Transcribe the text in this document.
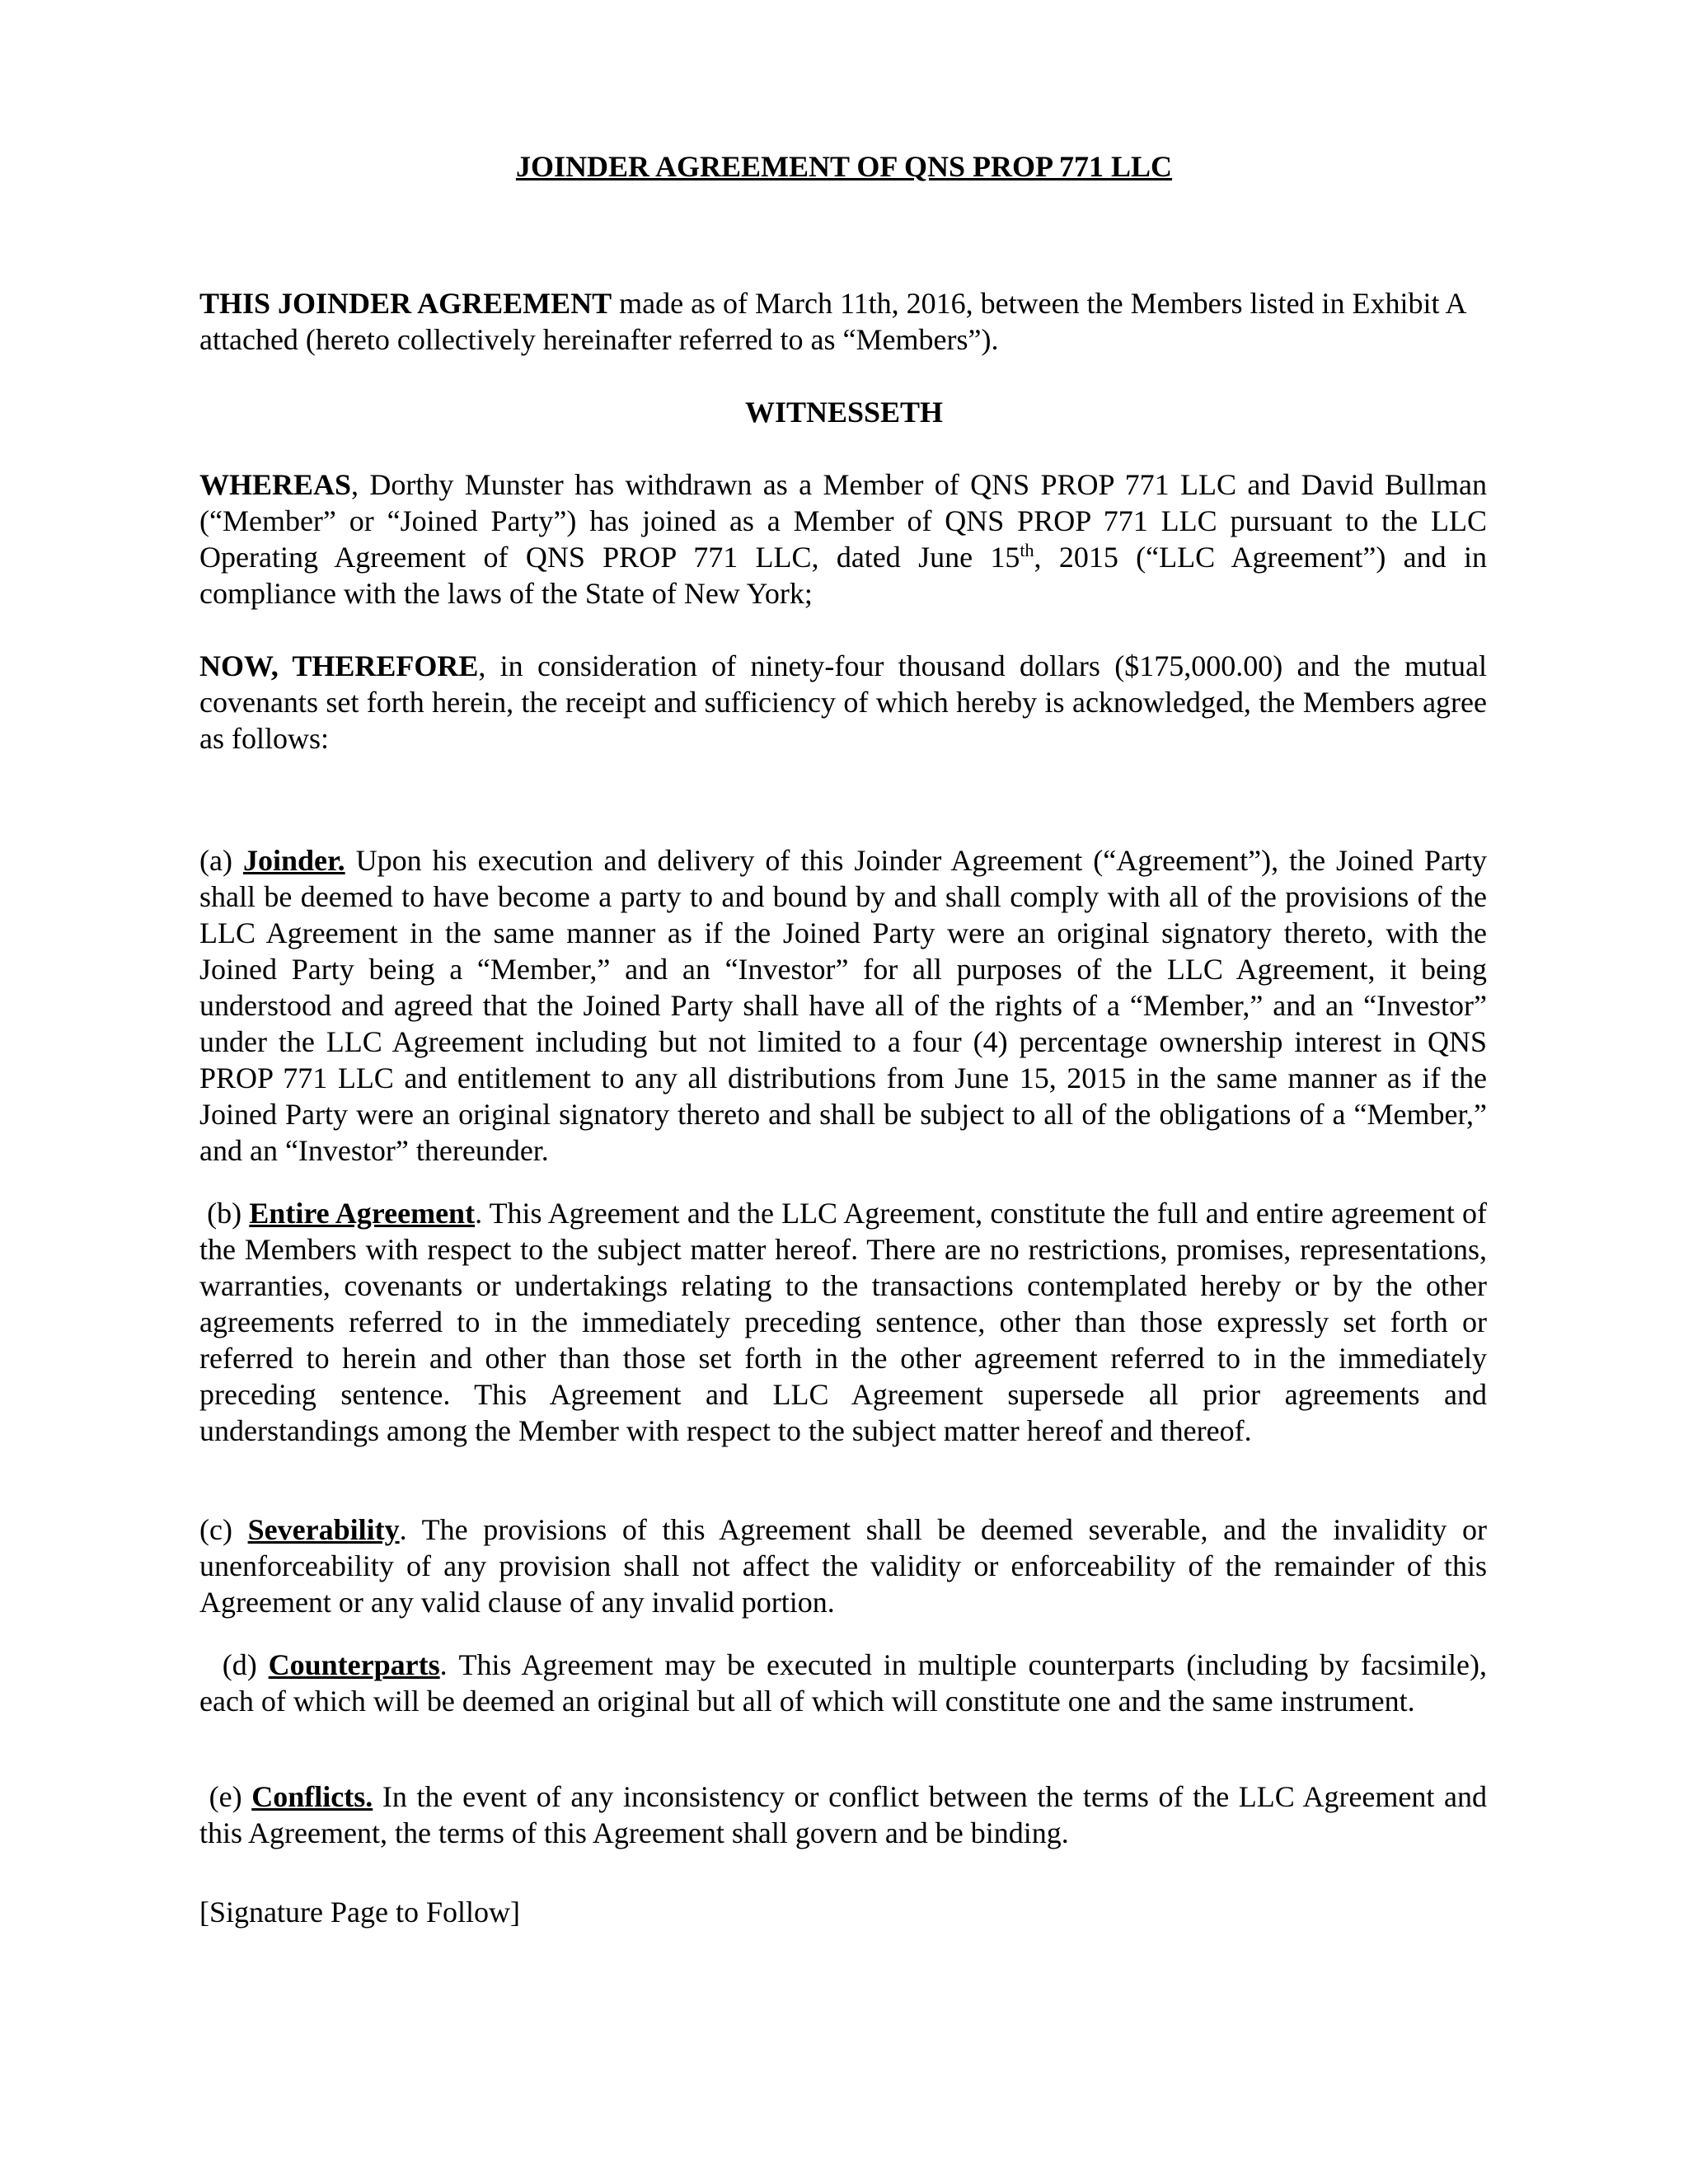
JOINDER AGREEMENT OF QNS PROP 771 LLC
THIS JOINDER AGREEMENT made as of March 11th, 2016, between the Members listed in Exhibit A attached (hereto collectively hereinafter referred to as “Members”).
WITNESSETH
WHEREAS, Dorthy Munster has withdrawn as a Member of QNS PROP 771 LLC and David Bullman (“Member” or “Joined Party”) has joined as a Member of QNS PROP 771 LLC pursuant to the LLC Operating Agreement of QNS PROP 771 LLC, dated June 15th, 2015 (“LLC Agreement”) and in compliance with the laws of the State of New York;
NOW, THEREFORE, in consideration of ninety-four thousand dollars ($175,000.00) and the mutual covenants set forth herein, the receipt and sufficiency of which hereby is acknowledged, the Members agree as follows:
(a) Joinder. Upon his execution and delivery of this Joinder Agreement (“Agreement”), the Joined Party shall be deemed to have become a party to and bound by and shall comply with all of the provisions of the LLC Agreement in the same manner as if the Joined Party were an original signatory thereto, with the Joined Party being a “Member,” and an “Investor” for all purposes of the LLC Agreement, it being understood and agreed that the Joined Party shall have all of the rights of a “Member,” and an “Investor” under the LLC Agreement including but not limited to a four (4) percentage ownership interest in QNS PROP 771 LLC and entitlement to any all distributions from June 15, 2015 in the same manner as if the Joined Party were an original signatory thereto and shall be subject to all of the obligations of a “Member,” and an “Investor” thereunder.
(b) Entire Agreement. This Agreement and the LLC Agreement, constitute the full and entire agreement of the Members with respect to the subject matter hereof. There are no restrictions, promises, representations, warranties, covenants or undertakings relating to the transactions contemplated hereby or by the other agreements referred to in the immediately preceding sentence, other than those expressly set forth or referred to herein and other than those set forth in the other agreement referred to in the immediately preceding sentence. This Agreement and LLC Agreement supersede all prior agreements and understandings among the Member with respect to the subject matter hereof and thereof.
(c) Severability. The provisions of this Agreement shall be deemed severable, and the invalidity or unenforceability of any provision shall not affect the validity or enforceability of the remainder of this Agreement or any valid clause of any invalid portion.
(d) Counterparts. This Agreement may be executed in multiple counterparts (including by facsimile), each of which will be deemed an original but all of which will constitute one and the same instrument.
(e) Conflicts. In the event of any inconsistency or conflict between the terms of the LLC Agreement and this Agreement, the terms of this Agreement shall govern and be binding.
[Signature Page to Follow]
